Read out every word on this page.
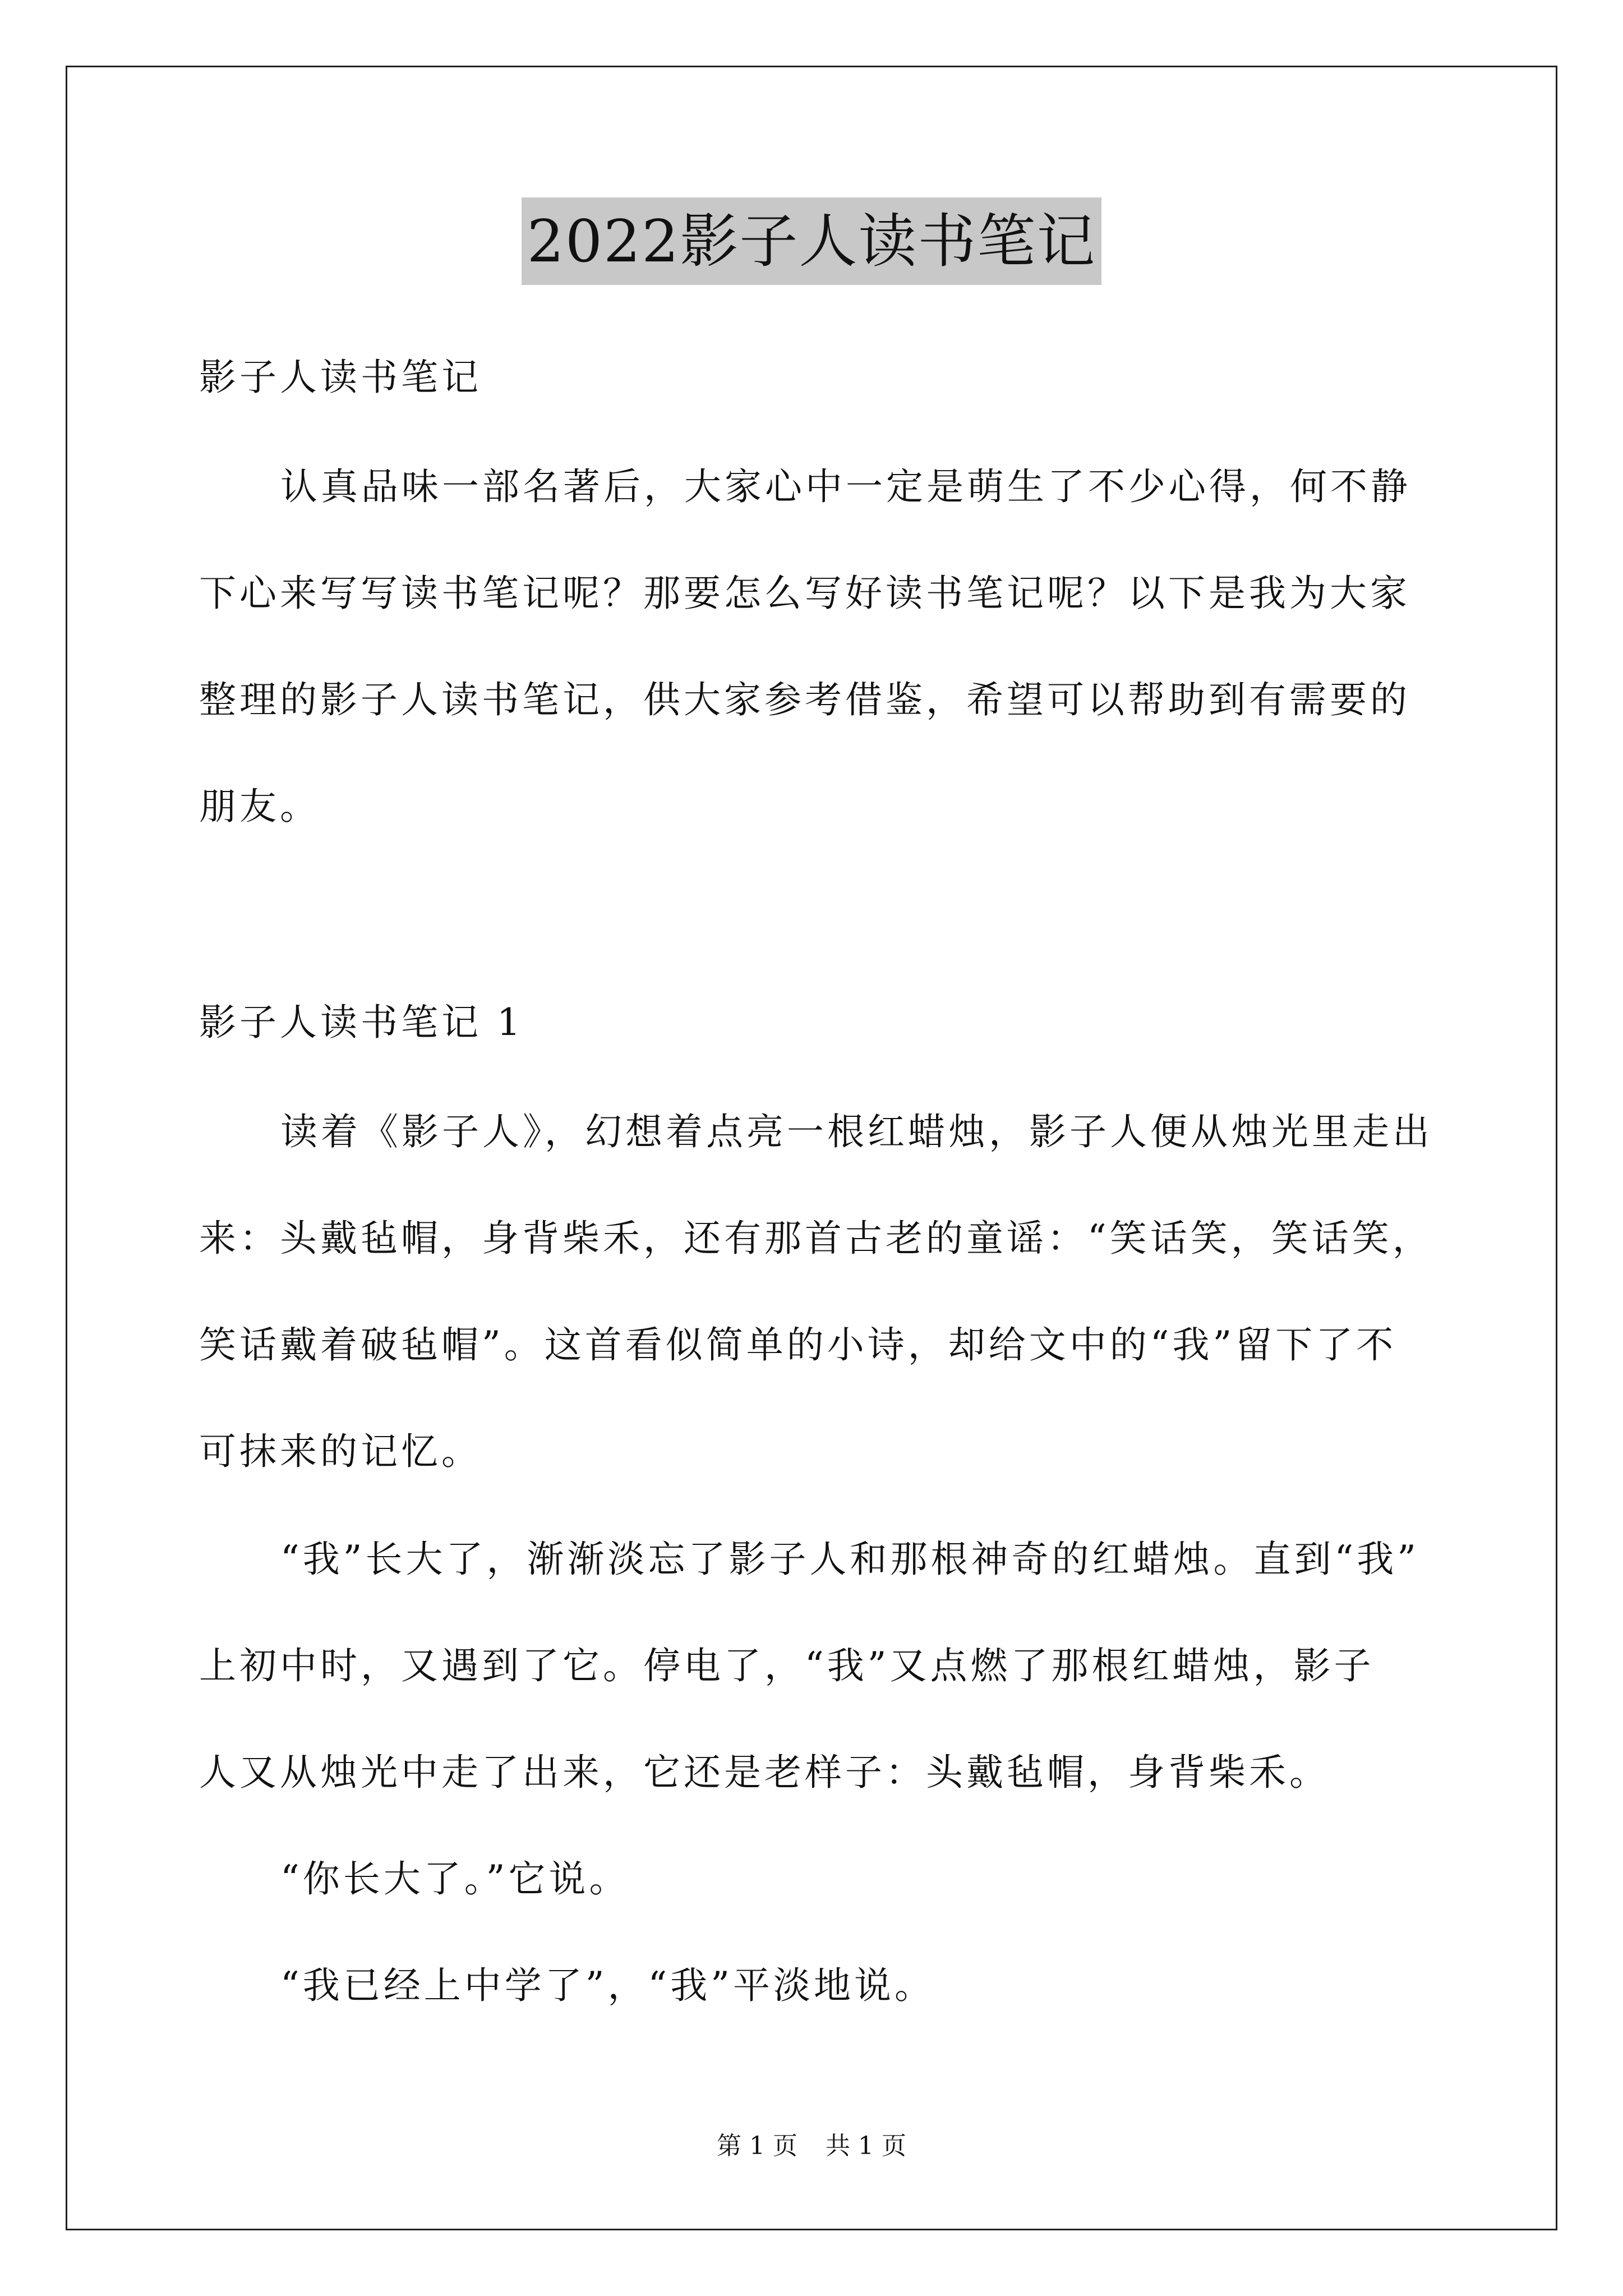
2022影子人读书笔记
影子人读书笔记
认真品味一部名著后，大家心中一定是萌生了不少心得，何不静
下心来写写读书笔记呢？那要怎么写好读书笔记呢？以下是我为大家
整理的影子人读书笔记，供大家参考借鉴，希望可以帮助到有需要的
朋友。
影子人读书笔记 1
读着《影子人》，幻想着点亮一根红蜡烛，影子人便从烛光里走出
来：头戴毡帽，身背柴禾，还有那首古老的童谣：“笑话笑，笑话笑，
笑话戴着破毡帽”。这首看似简单的小诗，却给文中的“我”留下了不
可抹来的记忆。
“我”长大了，渐渐淡忘了影子人和那根神奇的红蜡烛。直到“我”
上初中时，又遇到了它。停电了，“我”又点燃了那根红蜡烛，影子
人又从烛光中走了出来，它还是老样子：头戴毡帽，身背柴禾。
“你长大了。”它说。
“我已经上中学了”，“我”平淡地说。
第 1 页 共 1 页
